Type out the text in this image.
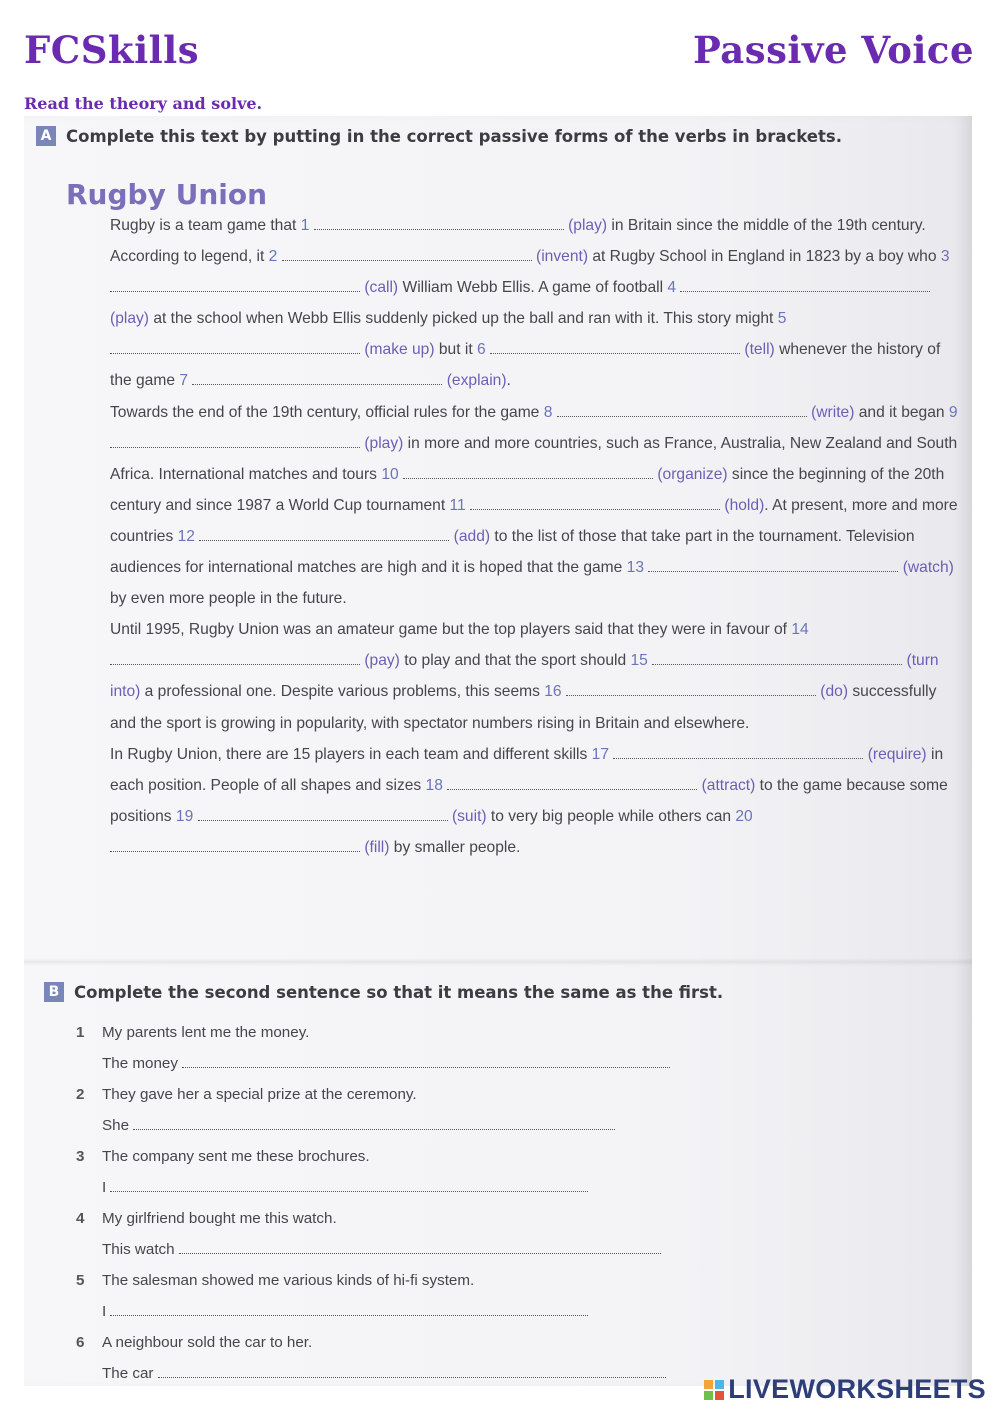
FCSkills	Passive Voice
Read the theory and solve.
A Complete this text by putting in the correct passive forms of the verbs in brackets.
Rugby Union

Rugby is a team game that 1	(play) in Britain since the middle of the 19th century. According to legend, it 2	(invent) at Rugby School in England in 1823 by a boy who 3  (call) William Webb Ellis. A game of football 4  (play) at the school when Webb Ellis suddenly picked up the ball and ran with it. This story might 5  (make up) but it 6	(tell) whenever the history of the game 7	(explain).

Towards the end of the 19th century, official rules for the game 8	(write) and it began 9  (play) in more and more countries, such as France, Australia, New Zealand and South Africa. International matches and tours 10	(organize) since the beginning of the 20th century and since 1987 a World Cup tournament 11	(hold). At present, more and more countries 12	(add) to the list of those that take part in the tournament. Television audiences for international matches are high and it is hoped that the game 13	(watch) by even more people in the future.

Until 1995, Rugby Union was an amateur game but the top players said that they were in favour of 14  (pay) to play and that the sport should 15	(turn into) a professional one. Despite various problems, this seems 16	(do) successfully and the sport is growing in popularity, with spectator numbers rising in Britain and elsewhere.

In Rugby Union, there are 15 players in each team and different skills 17	(require) in each position. People of all shapes and sizes 18	(attract) to the game because some positions 19	(suit) to very big people while others can 20  (fill) by smaller people.

B Complete the second sentence so that it means the same as the first.
1 My parents lent me the money.
The money
2 They gave her a special prize at the ceremony.
She
3 The company sent me these brochures.
I
4 My girlfriend bought me this watch.
This watch
5 The salesman showed me various kinds of hi-fi system.
I
6 A neighbour sold the car to her.
The car
LIVEWORKSHEETS
